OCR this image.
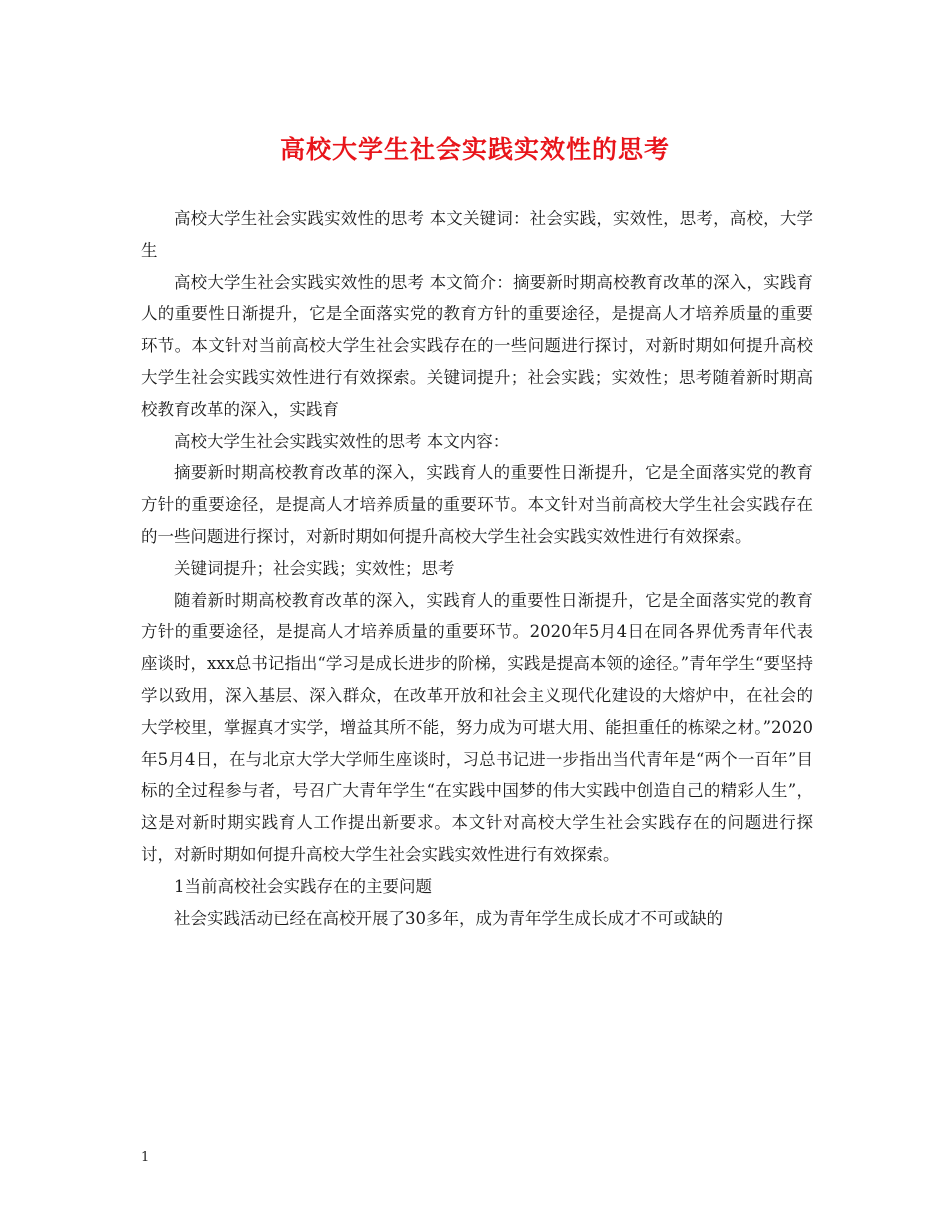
高校大学生社会实践实效性的思考

高校大学生社会实践实效性的思考 本文关键词：社会实践，实效性，思考，高校，大学生

高校大学生社会实践实效性的思考 本文简介：摘要新时期高校教育改革的深入，实践育人的重要性日渐提升，它是全面落实党的教育方针的重要途径，是提高人才培养质量的重要环节。本文针对当前高校大学生社会实践存在的一些问题进行探讨，对新时期如何提升高校大学生社会实践实效性进行有效探索。关键词提升；社会实践；实效性；思考随着新时期高校教育改革的深入，实践育

高校大学生社会实践实效性的思考 本文内容：

摘要新时期高校教育改革的深入，实践育人的重要性日渐提升，它是全面落实党的教育方针的重要途径，是提高人才培养质量的重要环节。本文针对当前高校大学生社会实践存在的一些问题进行探讨，对新时期如何提升高校大学生社会实践实效性进行有效探索。

关键词提升；社会实践；实效性；思考

随着新时期高校教育改革的深入，实践育人的重要性日渐提升，它是全面落实党的教育方针的重要途径，是提高人才培养质量的重要环节。2020年5月4日在同各界优秀青年代表座谈时，xxx总书记指出“学习是成长进步的阶梯，实践是提高本领的途径。”青年学生“要坚持学以致用，深入基层、深入群众，在改革开放和社会主义现代化建设的大熔炉中，在社会的大学校里，掌握真才实学，增益其所不能，努力成为可堪大用、能担重任的栋梁之材。”2020年5月4日，在与北京大学大学师生座谈时，习总书记进一步指出当代青年是“两个一百年”目标的全过程参与者，号召广大青年学生“在实践中国梦的伟大实践中创造自己的精彩人生”，这是对新时期实践育人工作提出新要求。本文针对高校大学生社会实践存在的问题进行探讨，对新时期如何提升高校大学生社会实践实效性进行有效探索。

1当前高校社会实践存在的主要问题

社会实践活动已经在高校开展了30多年，成为青年学生成长成才不可或缺的

1
